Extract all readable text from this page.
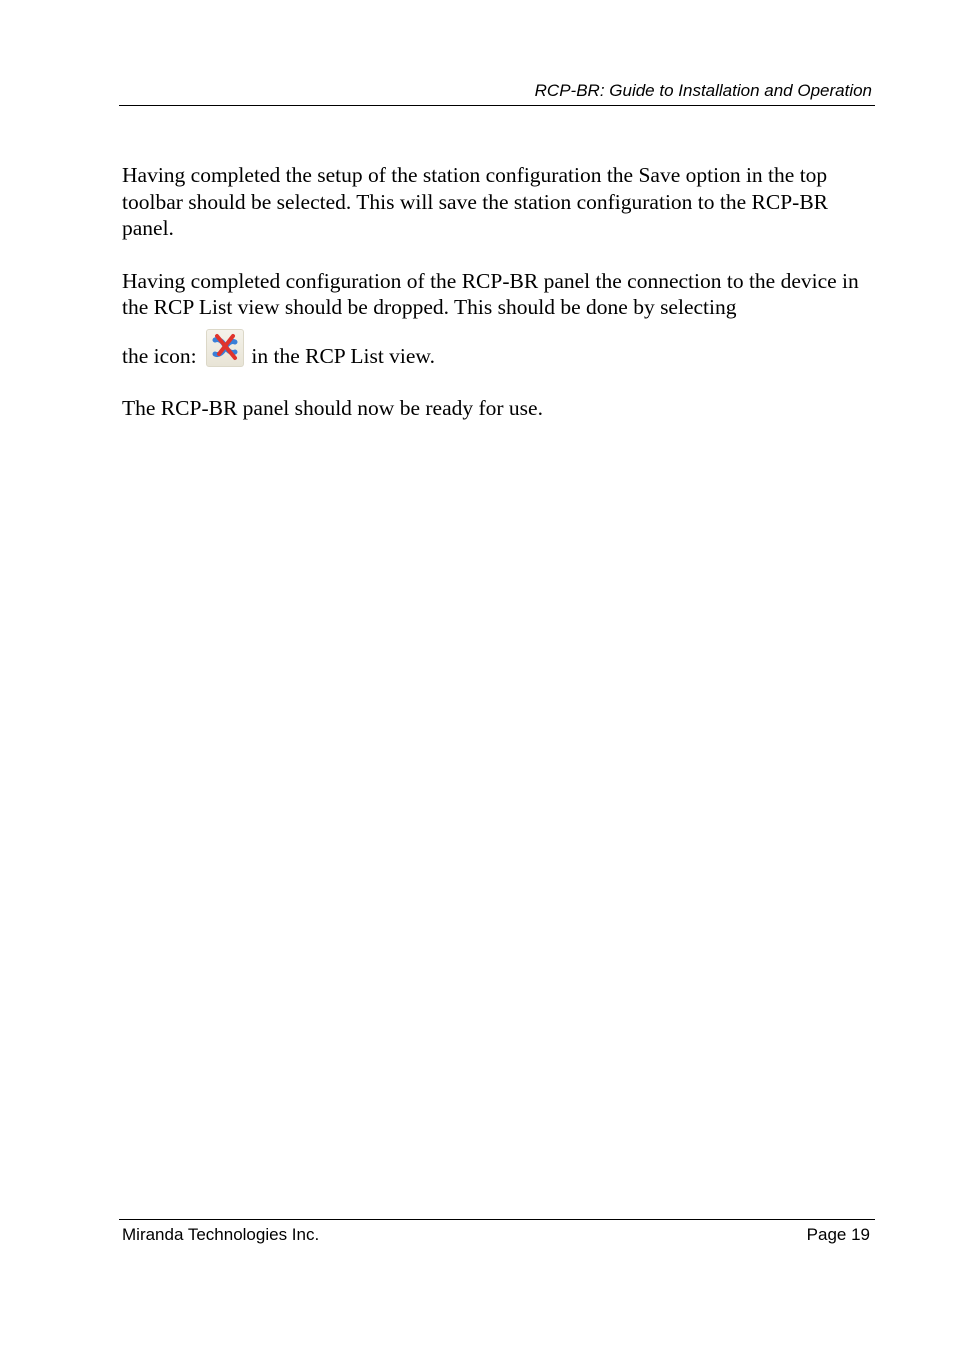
RCP-BR: Guide to Installation and Operation

Having completed the setup of the station configuration the Save option in the top toolbar should be selected. This will save the station configuration to the RCP-BR panel.

Having completed configuration of the RCP-BR panel the connection to the device in the RCP List view should be dropped. This should be done by selecting the icon:	in the RCP List view.

The RCP-BR panel should now be ready for use.

Miranda Technologies Inc.	Page 19
